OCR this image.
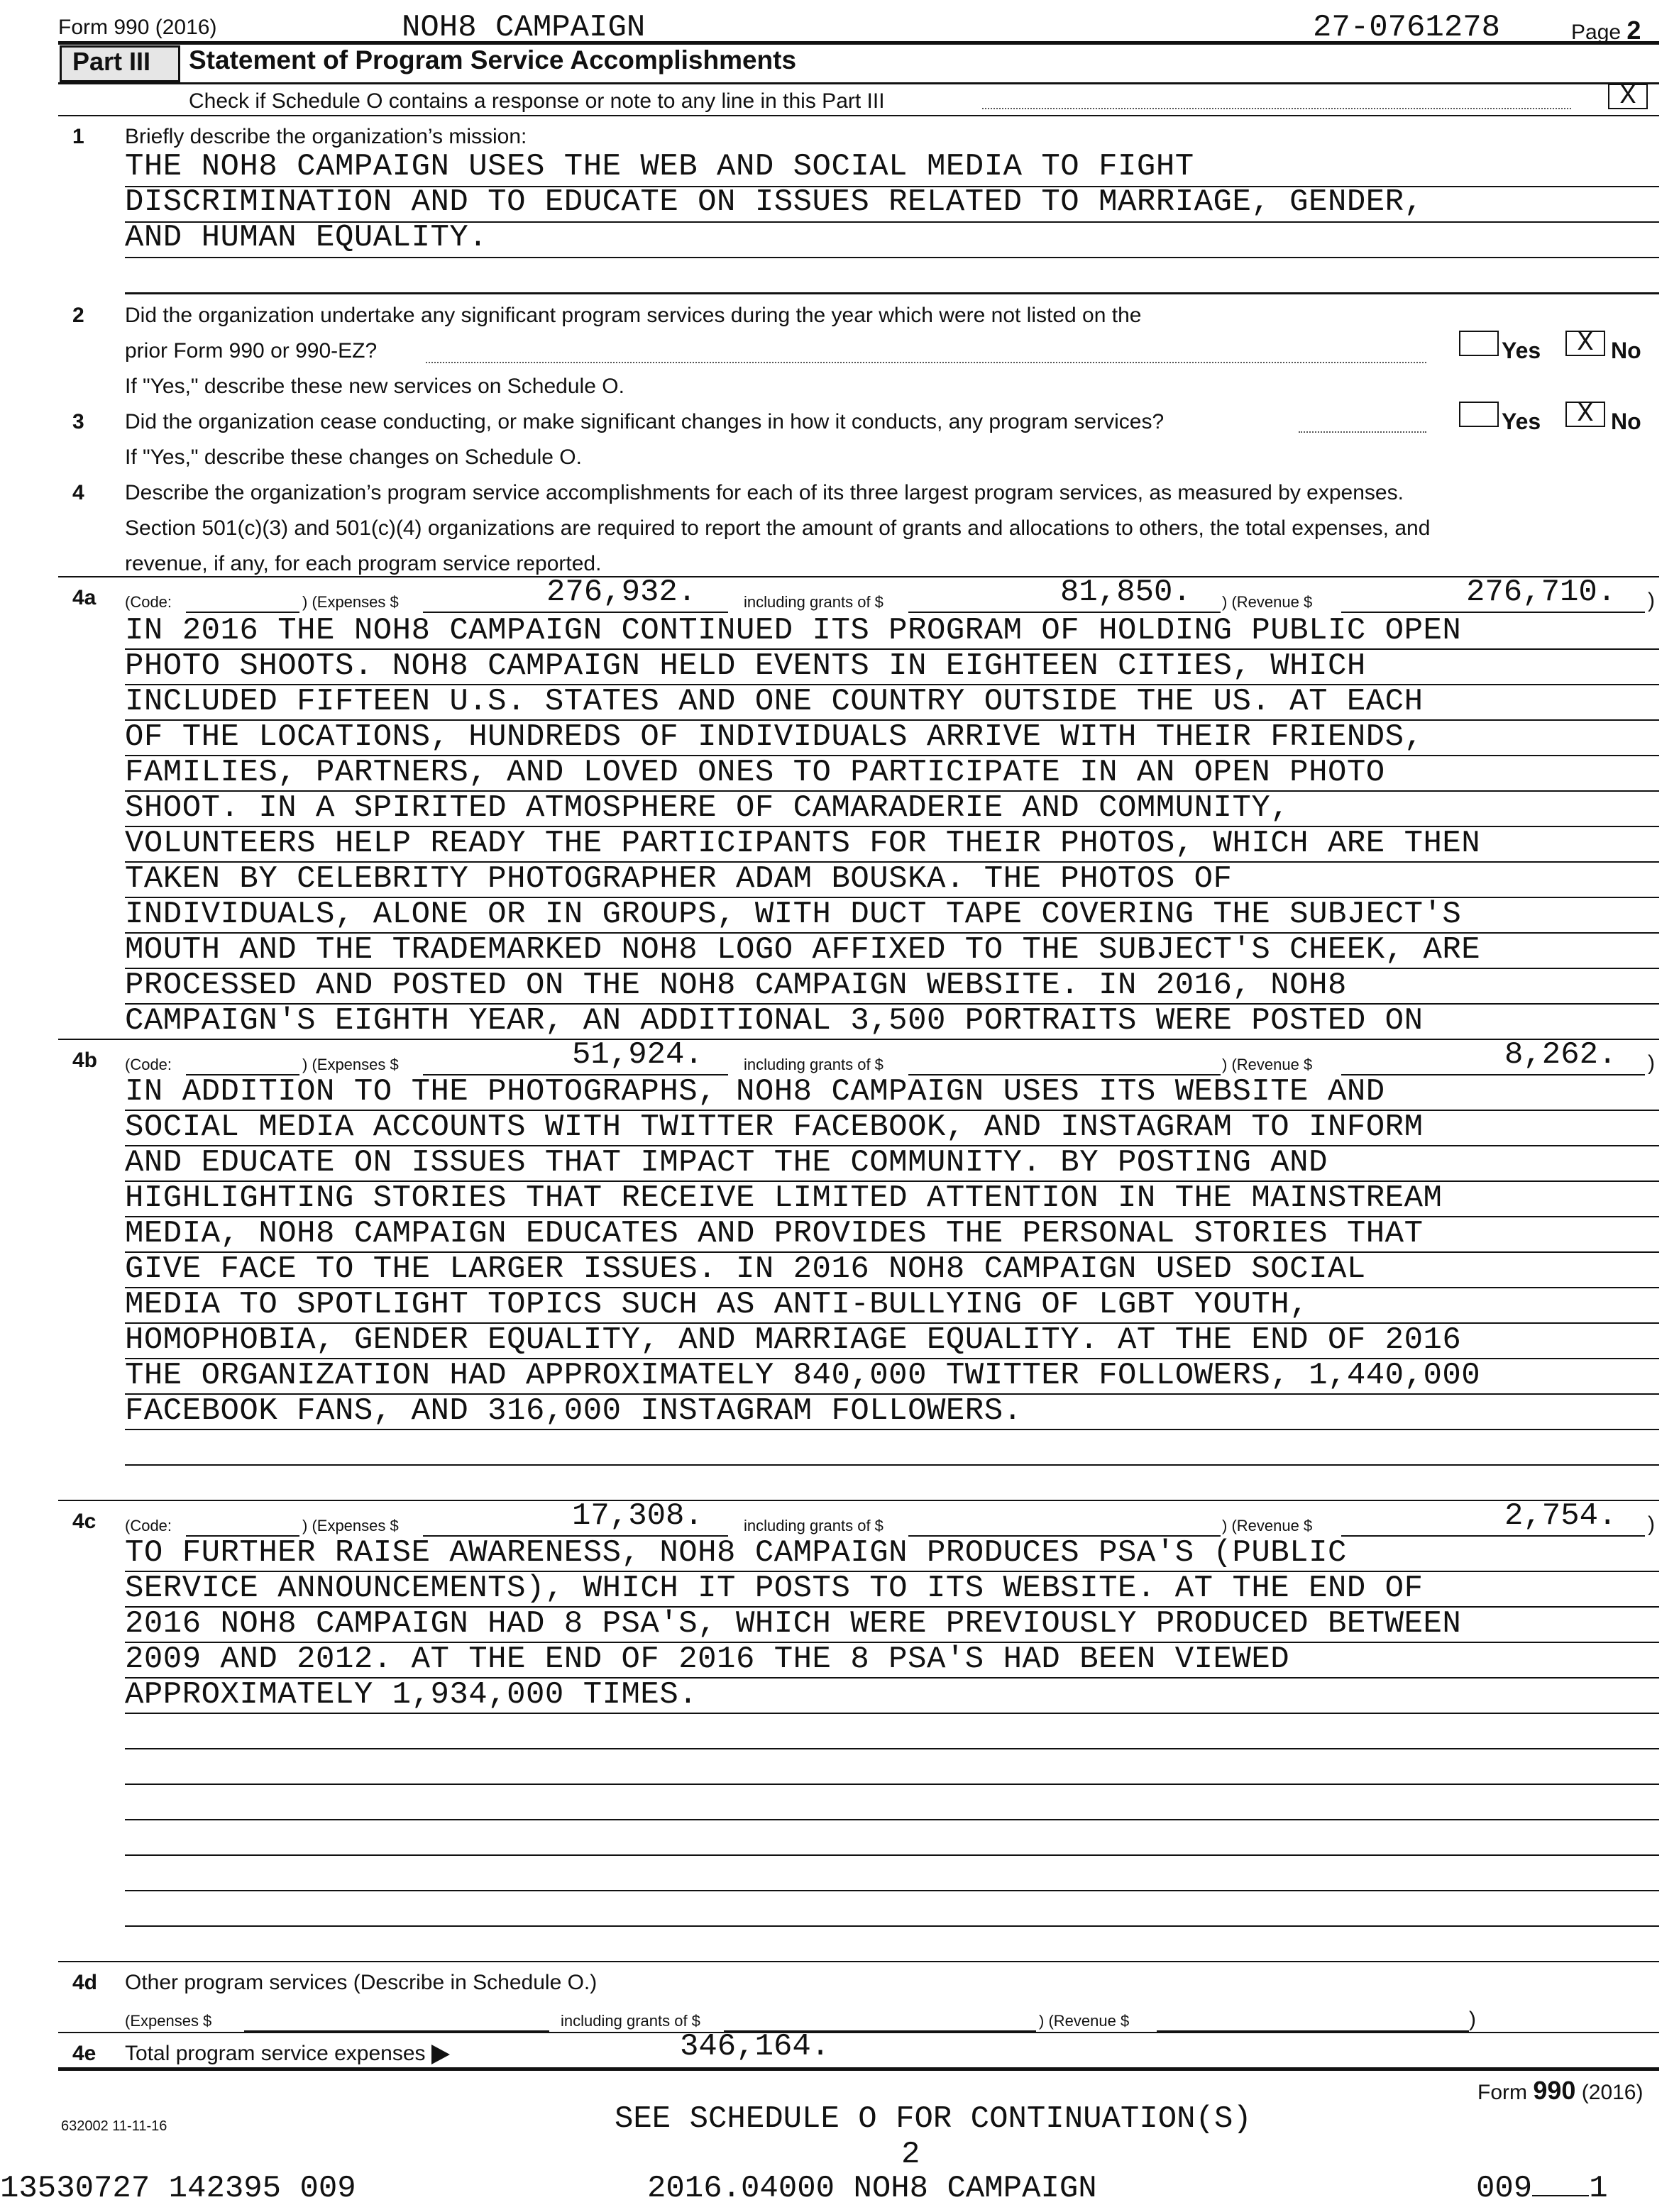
Form 990 (2016)	NOH8 CAMPAIGN	27-0761278	Page 2
Part III Statement of Program Service Accomplishments
Check if Schedule O contains a response or note to any line in this Part III	X
1 Briefly describe the organization’s mission:
THE NOH8 CAMPAIGN USES THE WEB AND SOCIAL MEDIA TO FIGHT
DISCRIMINATION AND TO EDUCATE ON ISSUES RELATED TO MARRIAGE, GENDER,
AND HUMAN EQUALITY.
2 Did the organization undertake any significant program services during the year which were not listed on the
prior Form 990 or 990-EZ?	Yes	X No
If "Yes," describe these new services on Schedule O.
3 Did the organization cease conducting, or make significant changes in how it conducts, any program services?	Yes	X No
If "Yes," describe these changes on Schedule O.
4 Describe the organization’s program service accomplishments for each of its three largest program services, as measured by expenses.
Section 501(c)(3) and 501(c)(4) organizations are required to report the amount of grants and allocations to others, the total expenses, and
revenue, if any, for each program service reported.
4a (Code:	) (Expenses $	276,932.	including grants of $	81,850. ) (Revenue $	276,710. )
IN 2016 THE NOH8 CAMPAIGN CONTINUED ITS PROGRAM OF HOLDING PUBLIC OPEN
PHOTO SHOOTS. NOH8 CAMPAIGN HELD EVENTS IN EIGHTEEN CITIES, WHICH
INCLUDED FIFTEEN U.S. STATES AND ONE COUNTRY OUTSIDE THE US. AT EACH
OF THE LOCATIONS, HUNDREDS OF INDIVIDUALS ARRIVE WITH THEIR FRIENDS,
FAMILIES, PARTNERS, AND LOVED ONES TO PARTICIPATE IN AN OPEN PHOTO
SHOOT. IN A SPIRITED ATMOSPHERE OF CAMARADERIE AND COMMUNITY,
VOLUNTEERS HELP READY THE PARTICIPANTS FOR THEIR PHOTOS, WHICH ARE THEN
TAKEN BY CELEBRITY PHOTOGRAPHER ADAM BOUSKA. THE PHOTOS OF
INDIVIDUALS, ALONE OR IN GROUPS, WITH DUCT TAPE COVERING THE SUBJECT'S
MOUTH AND THE TRADEMARKED NOH8 LOGO AFFIXED TO THE SUBJECT'S CHEEK, ARE
PROCESSED AND POSTED ON THE NOH8 CAMPAIGN WEBSITE. IN 2016, NOH8
CAMPAIGN'S EIGHTH YEAR, AN ADDITIONAL 3,500 PORTRAITS WERE POSTED ON
4b (Code:	) (Expenses $	51,924.	including grants of $	) (Revenue $	8,262. )
IN ADDITION TO THE PHOTOGRAPHS, NOH8 CAMPAIGN USES ITS WEBSITE AND
SOCIAL MEDIA ACCOUNTS WITH TWITTER FACEBOOK, AND INSTAGRAM TO INFORM
AND EDUCATE ON ISSUES THAT IMPACT THE COMMUNITY. BY POSTING AND
HIGHLIGHTING STORIES THAT RECEIVE LIMITED ATTENTION IN THE MAINSTREAM
MEDIA, NOH8 CAMPAIGN EDUCATES AND PROVIDES THE PERSONAL STORIES THAT
GIVE FACE TO THE LARGER ISSUES. IN 2016 NOH8 CAMPAIGN USED SOCIAL
MEDIA TO SPOTLIGHT TOPICS SUCH AS ANTI-BULLYING OF LGBT YOUTH,
HOMOPHOBIA, GENDER EQUALITY, AND MARRIAGE EQUALITY. AT THE END OF 2016
THE ORGANIZATION HAD APPROXIMATELY 840,000 TWITTER FOLLOWERS, 1,440,000
FACEBOOK FANS, AND 316,000 INSTAGRAM FOLLOWERS.
4c (Code:	) (Expenses $	17,308.	including grants of $	) (Revenue $	2,754. )
TO FURTHER RAISE AWARENESS, NOH8 CAMPAIGN PRODUCES PSA'S (PUBLIC
SERVICE ANNOUNCEMENTS), WHICH IT POSTS TO ITS WEBSITE. AT THE END OF
2016 NOH8 CAMPAIGN HAD 8 PSA'S, WHICH WERE PREVIOUSLY PRODUCED BETWEEN
2009 AND 2012. AT THE END OF 2016 THE 8 PSA'S HAD BEEN VIEWED
APPROXIMATELY 1,934,000 TIMES.
4d Other program services (Describe in Schedule O.)
(Expenses $	including grants of $	) (Revenue $	)
4e Total program service expenses	346,164.
Form 990 (2016)
632002 11-11-16	SEE SCHEDULE O FOR CONTINUATION(S)
2
13530727 142395 009	2016.04000 NOH8 CAMPAIGN	009 1
